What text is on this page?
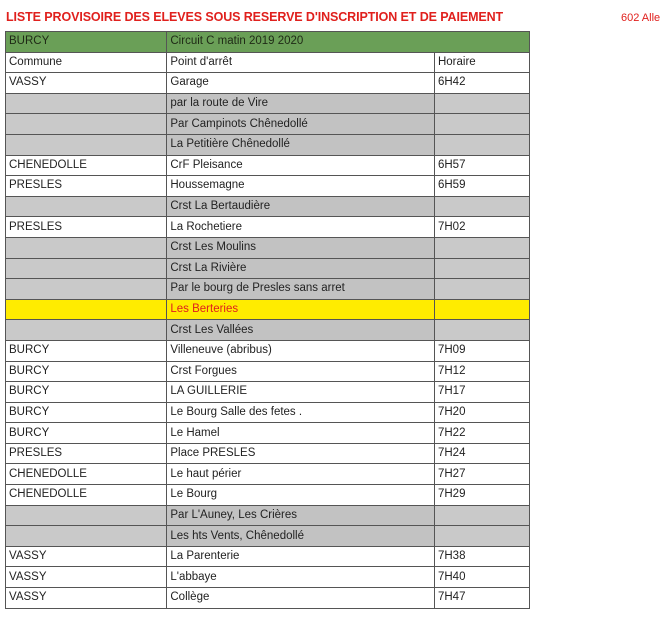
LISTE PROVISOIRE DES ELEVES SOUS RESERVE D'INSCRIPTION ET DE PAIEMENT	602 Alle
BURCY	Circuit C matin 2019 2020	
Commune	Point d'arrêt	Horaire
VASSY	Garage	6H42
	par la route de Vire	
	Par Campinots Chênedollé	
	La Petitière Chênedollé	
CHENEDOLLE	CrF Pleisance	6H57
PRESLES	Houssemagne	6H59
	Crst La Bertaudière	
PRESLES	La Rochetiere	7H02
	Crst Les Moulins	
	Crst La Rivière	
	Par le bourg de Presles sans arret	
	Les Berteries	
	Crst Les Vallées	
BURCY	Villeneuve (abribus)	7H09
BURCY	Crst Forgues	7H12
BURCY	LA GUILLERIE	7H17
BURCY	Le Bourg Salle des fetes .	7H20
BURCY	Le Hamel	7H22
PRESLES	Place PRESLES	7H24
CHENEDOLLE	Le haut périer	7H27
CHENEDOLLE	Le Bourg	7H29
	Par L'Auney, Les Crières	
	Les hts Vents, Chênedollé	
VASSY	La Parenterie	7H38
VASSY	L'abbaye	7H40
VASSY	Collège	7H47
